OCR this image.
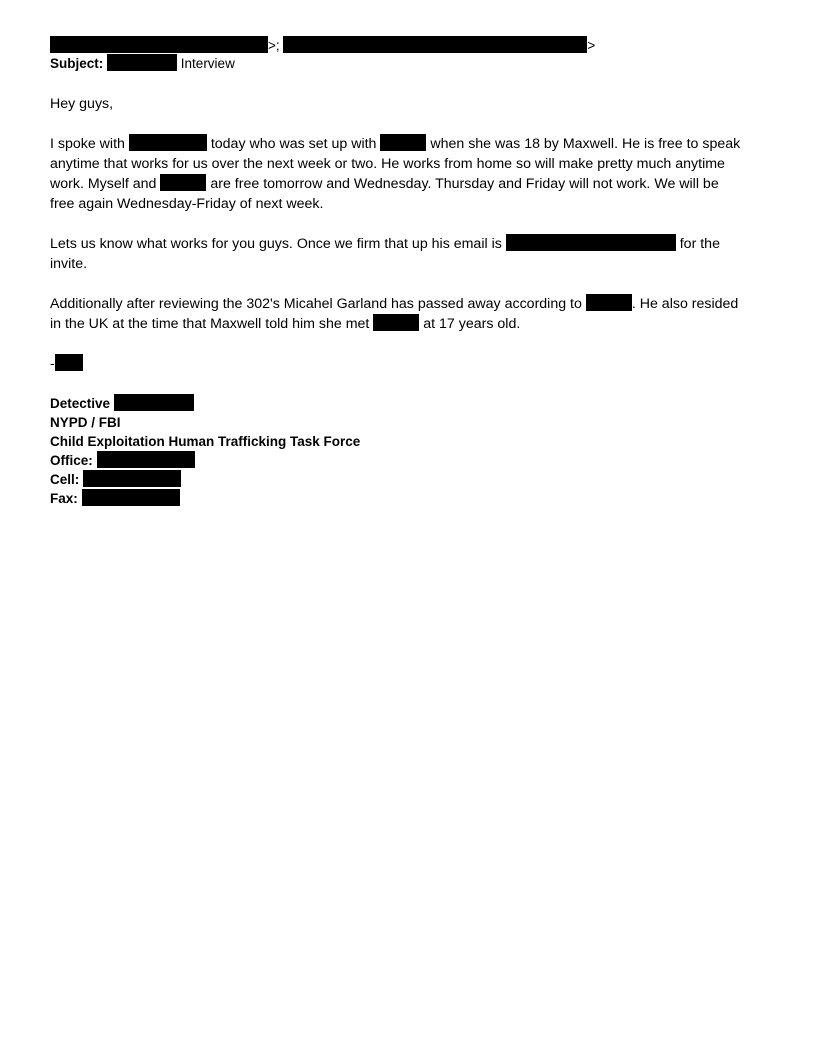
>;	>
Subject:	Interview
Hey guys,
I spoke with	today who was set up with	when she was 18 by Maxwell. He is free to speak
anytime that works for us over the next week or two. He works from home so will make pretty much anytime
work. Myself and	are free tomorrow and Wednesday. Thursday and Friday will not work. We will be
free again Wednesday-Friday of next week.
Lets us know what works for you guys. Once we firm that up his email is	for the
invite.
Additionally after reviewing the 302's Micahel Garland has passed away according to	. He also resided
in the UK at the time that Maxwell told him she met	at 17 years old.
-
Detective
NYPD / FBI
Child Exploitation Human Trafficking Task Force
Office:
Cell:
Fax:
